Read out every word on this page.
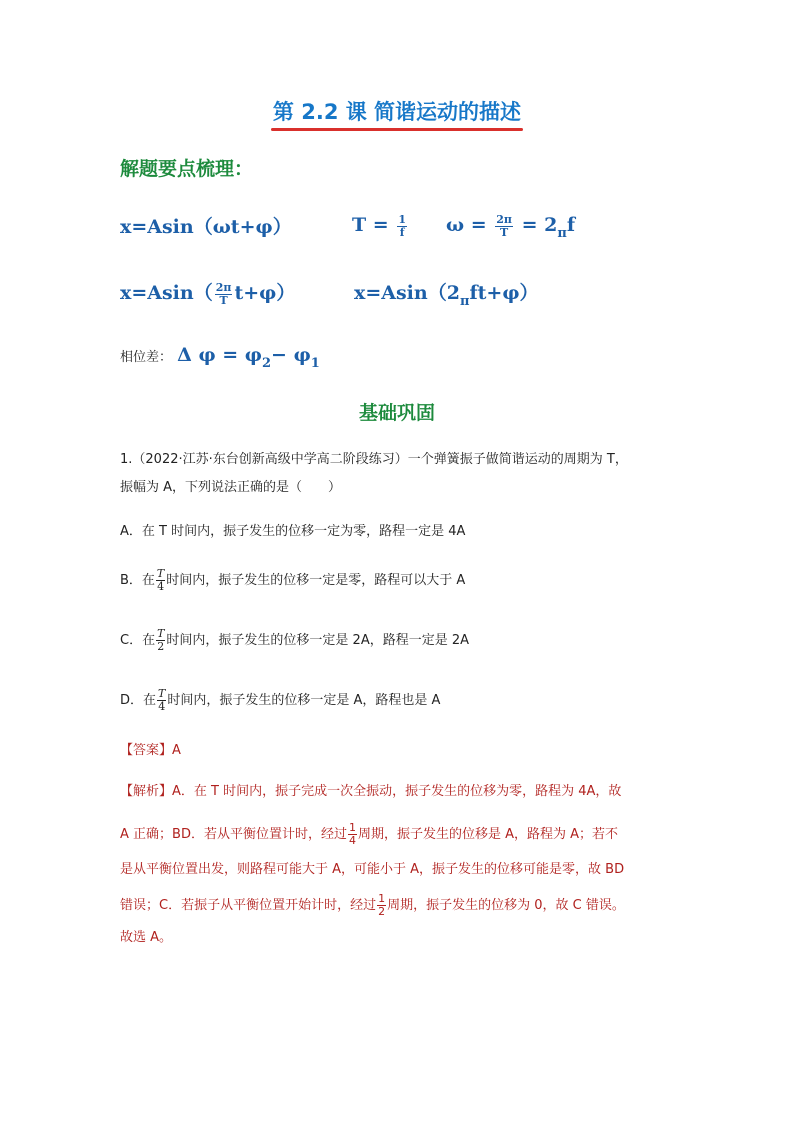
第 2.2 课 简谐运动的描述
解题要点梳理：
x=Asin（ωt+φ）	$T = \frac{1}{f}$ $\omega = \frac{2\pi}{T} = 2_\pi f$
$x=Asin( \frac{2\pi}{T} t+\varphi)$	$x=Asin(2_\pi ft+\varphi)$
相位差： Δ $\varphi = \varphi_2- \varphi_1$
基础巩固
1.（2022·江苏·东台创新高级中学高二阶段练习）一个弹簧振子做简谐运动的周期为 T，
振幅为 A，下列说法正确的是（　　）
A．在 T 时间内，振子发生的位移一定为零，路程一定是 4A
B．在 $\frac{T}{4}$ 时间内，振子发生的位移一定是零，路程可以大于 A
C．在 $\frac{T}{2}$ 时间内，振子发生的位移一定是 2A，路程一定是 2A
D．在 $\frac{T}{4}$ 时间内，振子发生的位移一定是 A，路程也是 A
【答案】A
【解析】A．在 T 时间内，振子完成一次全振动，振子发生的位移为零，路程为 4A，故
A 正确；BD．若从平衡位置计时，经过 $\frac{1}{4}$ 周期，振子发生的位移是 A，路程为 A；若不
是从平衡位置出发，则路程可能大于 A，可能小于 A，振子发生的位移可能是零，故 BD
错误；C．若振子从平衡位置开始计时，经过 $\frac{1}{2}$ 周期，振子发生的位移为 0，故 C 错误。
故选 A。
